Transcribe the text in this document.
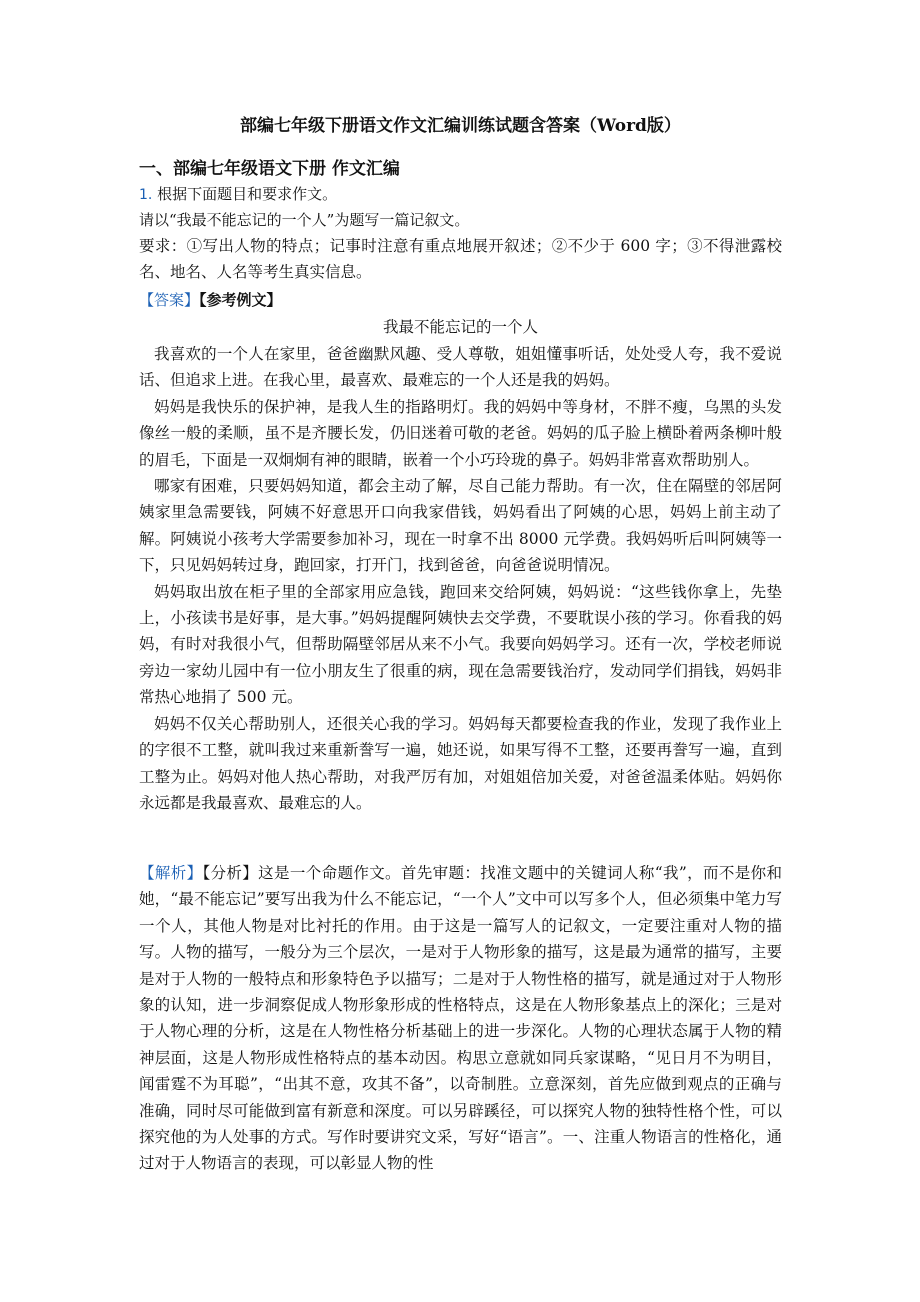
部编七年级下册语文作文汇编训练试题含答案（Word版）
一、部编七年级语文下册 作文汇编
1. 根据下面题目和要求作文。
请以“我最不能忘记的一个人”为题写一篇记叙文。

要求：①写出人物的特点；记事时注意有重点地展开叙述；②不少于 600 字；③不得泄露校名、地名、人名等考生真实信息。

【答案】【参考例文】
我最不能忘记的一个人

我喜欢的一个人在家里，爸爸幽默风趣、受人尊敬，姐姐懂事听话，处处受人夸，我不爱说话、但追求上进。在我心里，最喜欢、最难忘的一个人还是我的妈妈。

妈妈是我快乐的保护神，是我人生的指路明灯。我的妈妈中等身材，不胖不瘦，乌黑的头发像丝一般的柔顺，虽不是齐腰长发，仍旧迷着可敬的老爸。妈妈的瓜子脸上横卧着两条柳叶般的眉毛，下面是一双炯炯有神的眼睛，嵌着一个小巧玲珑的鼻子。妈妈非常喜欢帮助别人。

哪家有困难，只要妈妈知道，都会主动了解，尽自己能力帮助。有一次，住在隔壁的邻居阿姨家里急需要钱，阿姨不好意思开口向我家借钱，妈妈看出了阿姨的心思，妈妈上前主动了解。阿姨说小孩考大学需要参加补习，现在一时拿不出 8000 元学费。我妈妈听后叫阿姨等一下，只见妈妈转过身，跑回家，打开门，找到爸爸，向爸爸说明情况。

妈妈取出放在柜子里的全部家用应急钱，跑回来交给阿姨，妈妈说：“这些钱你拿上，先垫上，小孩读书是好事，是大事。”妈妈提醒阿姨快去交学费，不要耽误小孩的学习。你看我的妈妈，有时对我很小气，但帮助隔壁邻居从来不小气。我要向妈妈学习。还有一次，学校老师说旁边一家幼儿园中有一位小朋友生了很重的病，现在急需要钱治疗，发动同学们捐钱，妈妈非常热心地捐了 500 元。

妈妈不仅关心帮助别人，还很关心我的学习。妈妈每天都要检查我的作业，发现了我作业上的字很不工整，就叫我过来重新誊写一遍，她还说，如果写得不工整，还要再誊写一遍，直到工整为止。妈妈对他人热心帮助，对我严厉有加，对姐姐倍加关爱，对爸爸温柔体贴。妈妈你永远都是我最喜欢、最难忘的人。

【解析】【分析】这是一个命题作文。首先审题：找准文题中的关键词人称“我”，而不是你和她，“最不能忘记”要写出我为什么不能忘记，“一个人”文中可以写多个人，但必须集中笔力写一个人，其他人物是对比衬托的作用。由于这是一篇写人的记叙文，一定要注重对人物的描写。人物的描写，一般分为三个层次，一是对于人物形象的描写，这是最为通常的描写，主要是对于人物的一般特点和形象特色予以描写；二是对于人物性格的描写，就是通过对于人物形象的认知，进一步洞察促成人物形象形成的性格特点，这是在人物形象基点上的深化；三是对于人物心理的分析，这是在人物性格分析基础上的进一步深化。人物的心理状态属于人物的精神层面，这是人物形成性格特点的基本动因。构思立意就如同兵家谋略，“见日月不为明目，闻雷霆不为耳聪”，“出其不意，攻其不备”，以奇制胜。立意深刻，首先应做到观点的正确与准确，同时尽可能做到富有新意和深度。可以另辟蹊径，可以探究人物的独特性格个性，可以探究他的为人处事的方式。写作时要讲究文采，写好“语言”。一、注重人物语言的性格化，通过对于人物语言的表现，可以彰显人物的性
